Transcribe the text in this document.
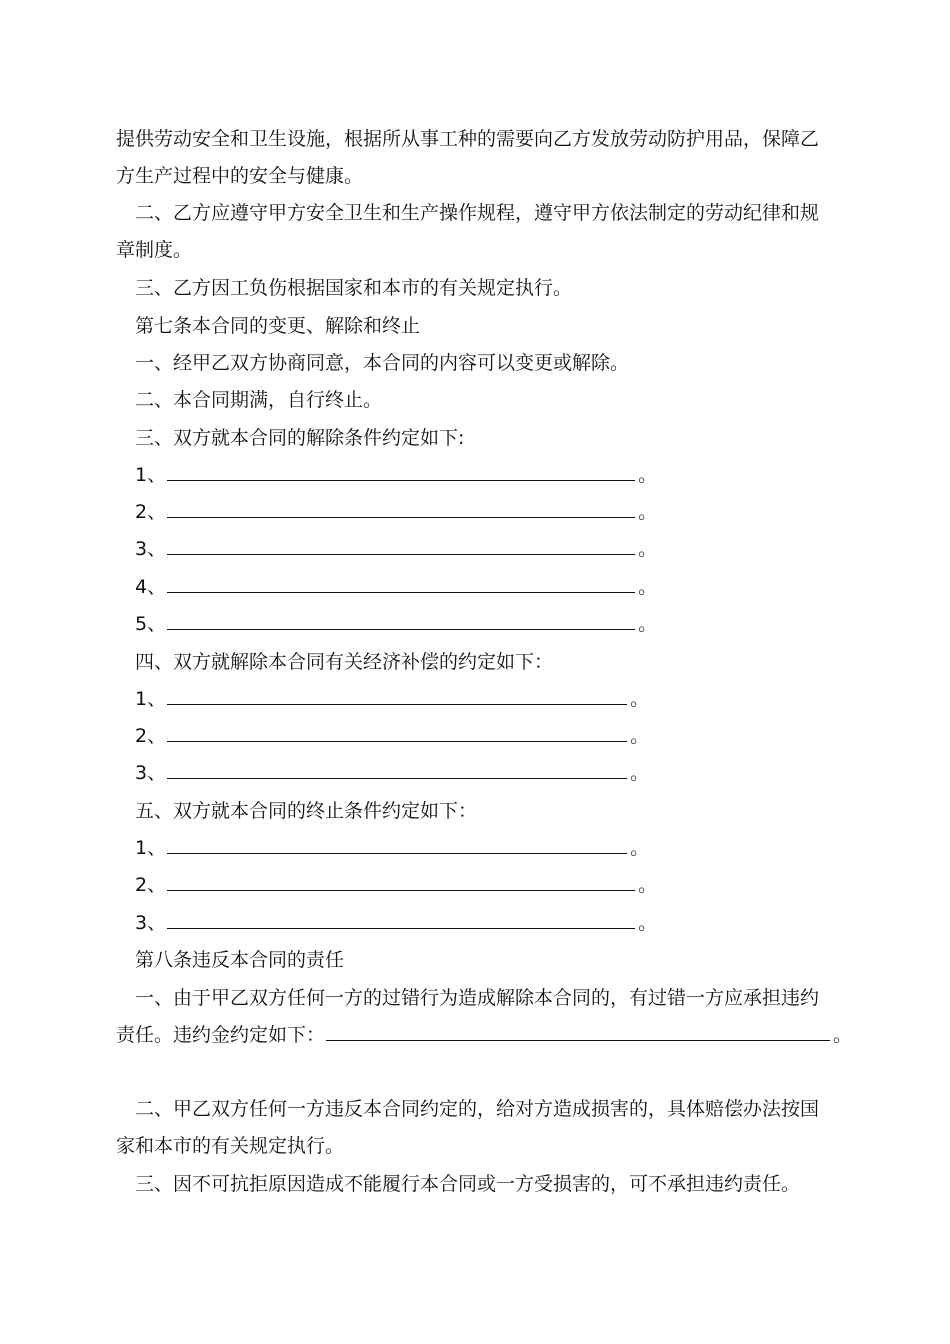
提供劳动安全和卫生设施，根据所从事工种的需要向乙方发放劳动防护用品，保障乙
方生产过程中的安全与健康。
二、乙方应遵守甲方安全卫生和生产操作规程，遵守甲方依法制定的劳动纪律和规
章制度。
三、乙方因工负伤根据国家和本市的有关规定执行。
第七条本合同的变更、解除和终止
一、经甲乙双方协商同意，本合同的内容可以变更或解除。
二、本合同期满，自行终止。
三、双方就本合同的解除条件约定如下:
1、	。
2、	。
3、	。
4、	。
5、	。
四、双方就解除本合同有关经济补偿的约定如下：
1、	。
2、	。
3、	。
五、双方就本合同的终止条件约定如下：
1、	。
2、	。
3、	。
第八条违反本合同的责任
一、由于甲乙双方任何一方的过错行为造成解除本合同的，有过错一方应承担违约
责任。违约金约定如下：	。
二、甲乙双方任何一方违反本合同约定的，给对方造成损害的，具体赔偿办法按国
家和本市的有关规定执行。
三、因不可抗拒原因造成不能履行本合同或一方受损害的，可不承担违约责任。
